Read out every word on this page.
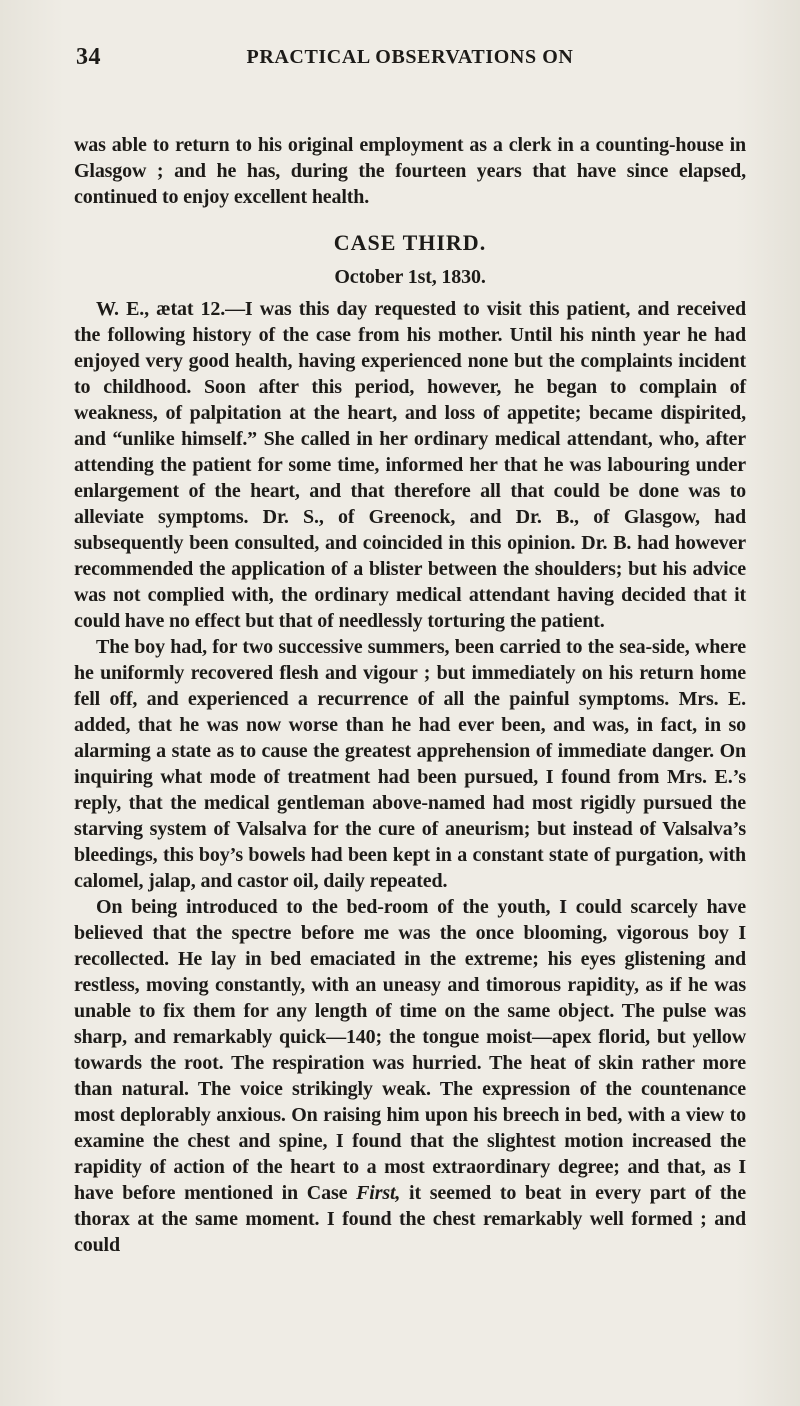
34	PRACTICAL OBSERVATIONS ON

was able to return to his original employment as a clerk in a counting-house in Glasgow ; and he has, during the fourteen years that have since elapsed, continued to enjoy excellent health.

CASE THIRD.
October 1st, 1830.

W. E., ætat 12.—I was this day requested to visit this patient, and received the following history of the case from his mother. Until his ninth year he had enjoyed very good health, having experienced none but the complaints incident to childhood. Soon after this period, however, he began to complain of weakness, of palpitation at the heart, and loss of appetite; became dispirited, and “unlike himself.” She called in her ordinary medical attendant, who, after attending the patient for some time, informed her that he was labouring under enlargement of the heart, and that therefore all that could be done was to alleviate symptoms. Dr. S., of Greenock, and Dr. B., of Glasgow, had subsequently been consulted, and coincided in this opinion. Dr. B. had however recommended the application of a blister between the shoulders; but his advice was not complied with, the ordinary medical attendant having decided that it could have no effect but that of needlessly torturing the patient.

The boy had, for two successive summers, been carried to the sea-side, where he uniformly recovered flesh and vigour ; but immediately on his return home fell off, and experienced a recurrence of all the painful symptoms. Mrs. E. added, that he was now worse than he had ever been, and was, in fact, in so alarming a state as to cause the greatest apprehension of immediate danger. On inquiring what mode of treatment had been pursued, I found from Mrs. E.’s reply, that the medical gentleman above-named had most rigidly pursued the starving system of Valsalva for the cure of aneurism; but instead of Valsalva’s bleedings, this boy’s bowels had been kept in a constant state of purgation, with calomel, jalap, and castor oil, daily repeated.

On being introduced to the bed-room of the youth, I could scarcely have believed that the spectre before me was the once blooming, vigorous boy I recollected. He lay in bed emaciated in the extreme; his eyes glistening and restless, moving constantly, with an uneasy and timorous rapidity, as if he was unable to fix them for any length of time on the same object. The pulse was sharp, and remarkably quick—140; the tongue moist—apex florid, but yellow towards the root. The respiration was hurried. The heat of skin rather more than natural. The voice strikingly weak. The expression of the countenance most deplorably anxious. On raising him upon his breech in bed, with a view to examine the chest and spine, I found that the slightest motion increased the rapidity of action of the heart to a most extraordinary degree; and that, as I have before mentioned in Case First, it seemed to beat in every part of the thorax at the same moment. I found the chest remarkably well formed ; and could
